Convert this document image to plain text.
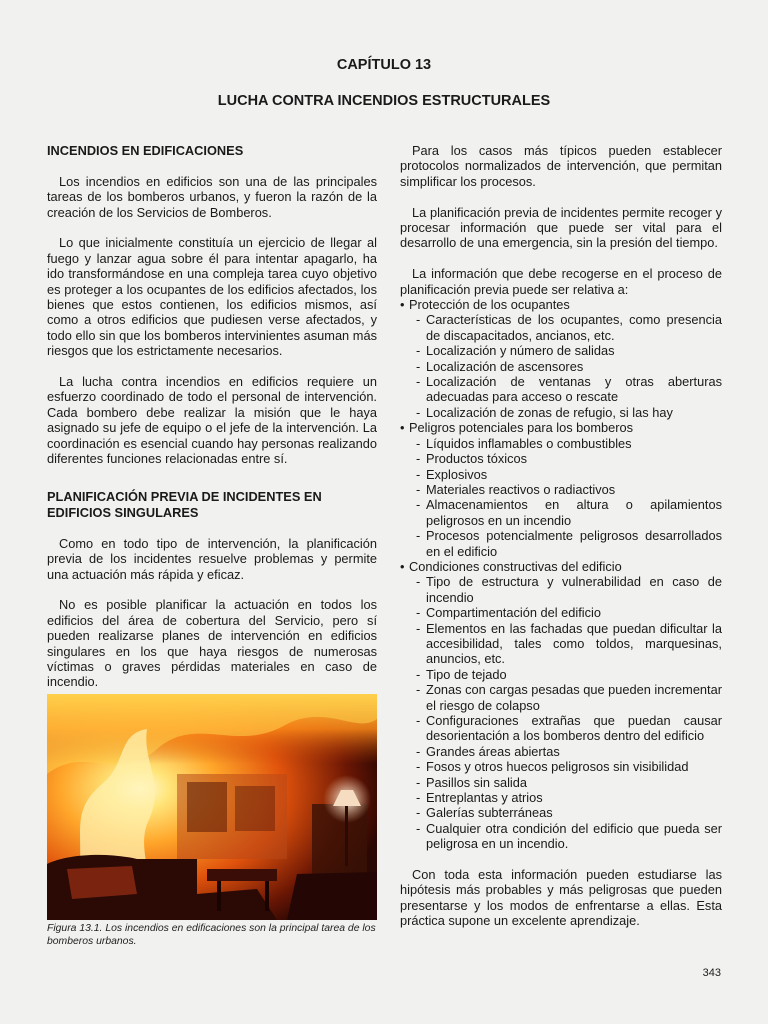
CAPÍTULO 13
LUCHA CONTRA INCENDIOS ESTRUCTURALES

INCENDIOS EN EDIFICACIONES

Los incendios en edificios son una de las principales tareas de los bomberos urbanos, y fueron la razón de la creación de los Servicios de Bomberos.

Lo que inicialmente constituía un ejercicio de llegar al fuego y lanzar agua sobre él para intentar apagarlo, ha ido transformándose en una compleja tarea cuyo objetivo es proteger a los ocupantes de los edificios afectados, los bienes que estos contienen, los edificios mismos, así como a otros edificios que pudiesen verse afectados, y todo ello sin que los bomberos intervinientes asuman más riesgos que los estrictamente necesarios.

La lucha contra incendios en edificios requiere un esfuerzo coordinado de todo el personal de intervención. Cada bombero debe realizar la misión que le haya asignado su jefe de equipo o el jefe de la intervención. La coordinación es esencial cuando hay personas realizando diferentes funciones relacionadas entre sí.

PLANIFICACIÓN PREVIA DE INCIDENTES EN EDIFICIOS SINGULARES

Como en todo tipo de intervención, la planificación previa de los incidentes resuelve problemas y permite una actuación más rápida y eficaz.

No es posible planificar la actuación en todos los edificios del área de cobertura del Servicio, pero sí pueden realizarse planes de intervención en edificios singulares en los que haya riesgos de numerosas víctimas o graves pérdidas materiales en caso de incendio.

Figura 13.1. Los incendios en edificaciones son la principal tarea de los bomberos urbanos.

Para los casos más típicos pueden establecer protocolos normalizados de intervención, que permitan simplificar los procesos.

La planificación previa de incidentes permite recoger y procesar información que puede ser vital para el desarrollo de una emergencia, sin la presión del tiempo.

La información que debe recogerse en el proceso de planificación previa puede ser relativa a:

• Protección de los ocupantes
- Características de los ocupantes, como presencia de discapacitados, ancianos, etc.
- Localización y número de salidas
- Localización de ascensores
- Localización de ventanas y otras aberturas adecuadas para acceso o rescate
- Localización de zonas de refugio, si las hay
• Peligros potenciales para los bomberos
- Líquidos inflamables o combustibles
- Productos tóxicos
- Explosivos
- Materiales reactivos o radiactivos
- Almacenamientos en altura o apilamientos peligrosos en un incendio
- Procesos potencialmente peligrosos desarrollados en el edificio
• Condiciones constructivas del edificio
- Tipo de estructura y vulnerabilidad en caso de incendio
- Compartimentación del edificio
- Elementos en las fachadas que puedan dificultar la accesibilidad, tales como toldos, marquesinas, anuncios, etc.
- Tipo de tejado
- Zonas con cargas pesadas que pueden incrementar el riesgo de colapso
- Configuraciones extrañas que puedan causar desorientación a los bomberos dentro del edificio
- Grandes áreas abiertas
- Fosos y otros huecos peligrosos sin visibilidad
- Pasillos sin salida
- Entreplantas y atrios
- Galerías subterráneas
- Cualquier otra condición del edificio que pueda ser peligrosa en un incendio.

Con toda esta información pueden estudiarse las hipótesis más probables y más peligrosas que pueden presentarse y los modos de enfrentarse a ellas. Esta práctica supone un excelente aprendizaje.

343
